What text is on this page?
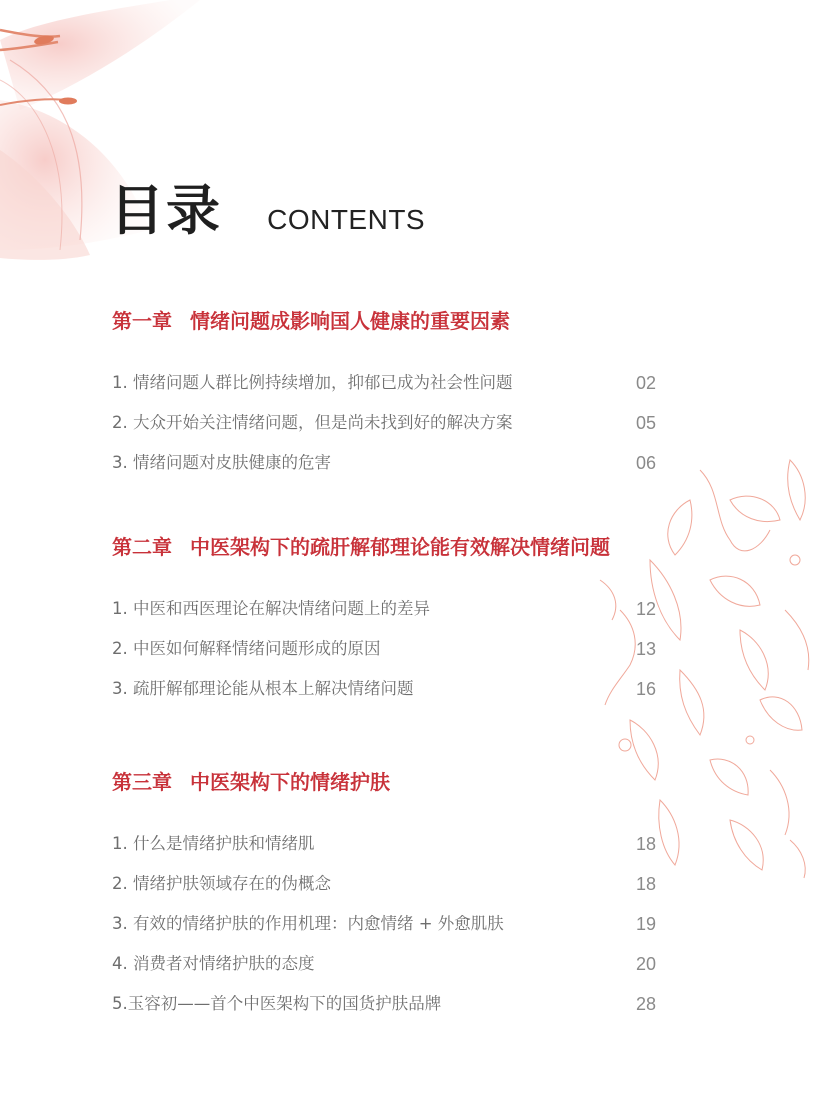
目录 CONTENTS
第一章 情绪问题成影响国人健康的重要因素
1. 情绪问题人群比例持续增加，抑郁已成为社会性问题	02
2. 大众开始关注情绪问题，但是尚未找到好的解决方案	05
3. 情绪问题对皮肤健康的危害	06
第二章 中医架构下的疏肝解郁理论能有效解决情绪问题
1. 中医和西医理论在解决情绪问题上的差异	12
2. 中医如何解释情绪问题形成的原因	13
3. 疏肝解郁理论能从根本上解决情绪问题	16
第三章 中医架构下的情绪护肤
1. 什么是情绪护肤和情绪肌	18
2. 情绪护肤领域存在的伪概念	18
3. 有效的情绪护肤的作用机理：内愈情绪 + 外愈肌肤	19
4. 消费者对情绪护肤的态度	20
5.玉容初——首个中医架构下的国货护肤品牌	28
